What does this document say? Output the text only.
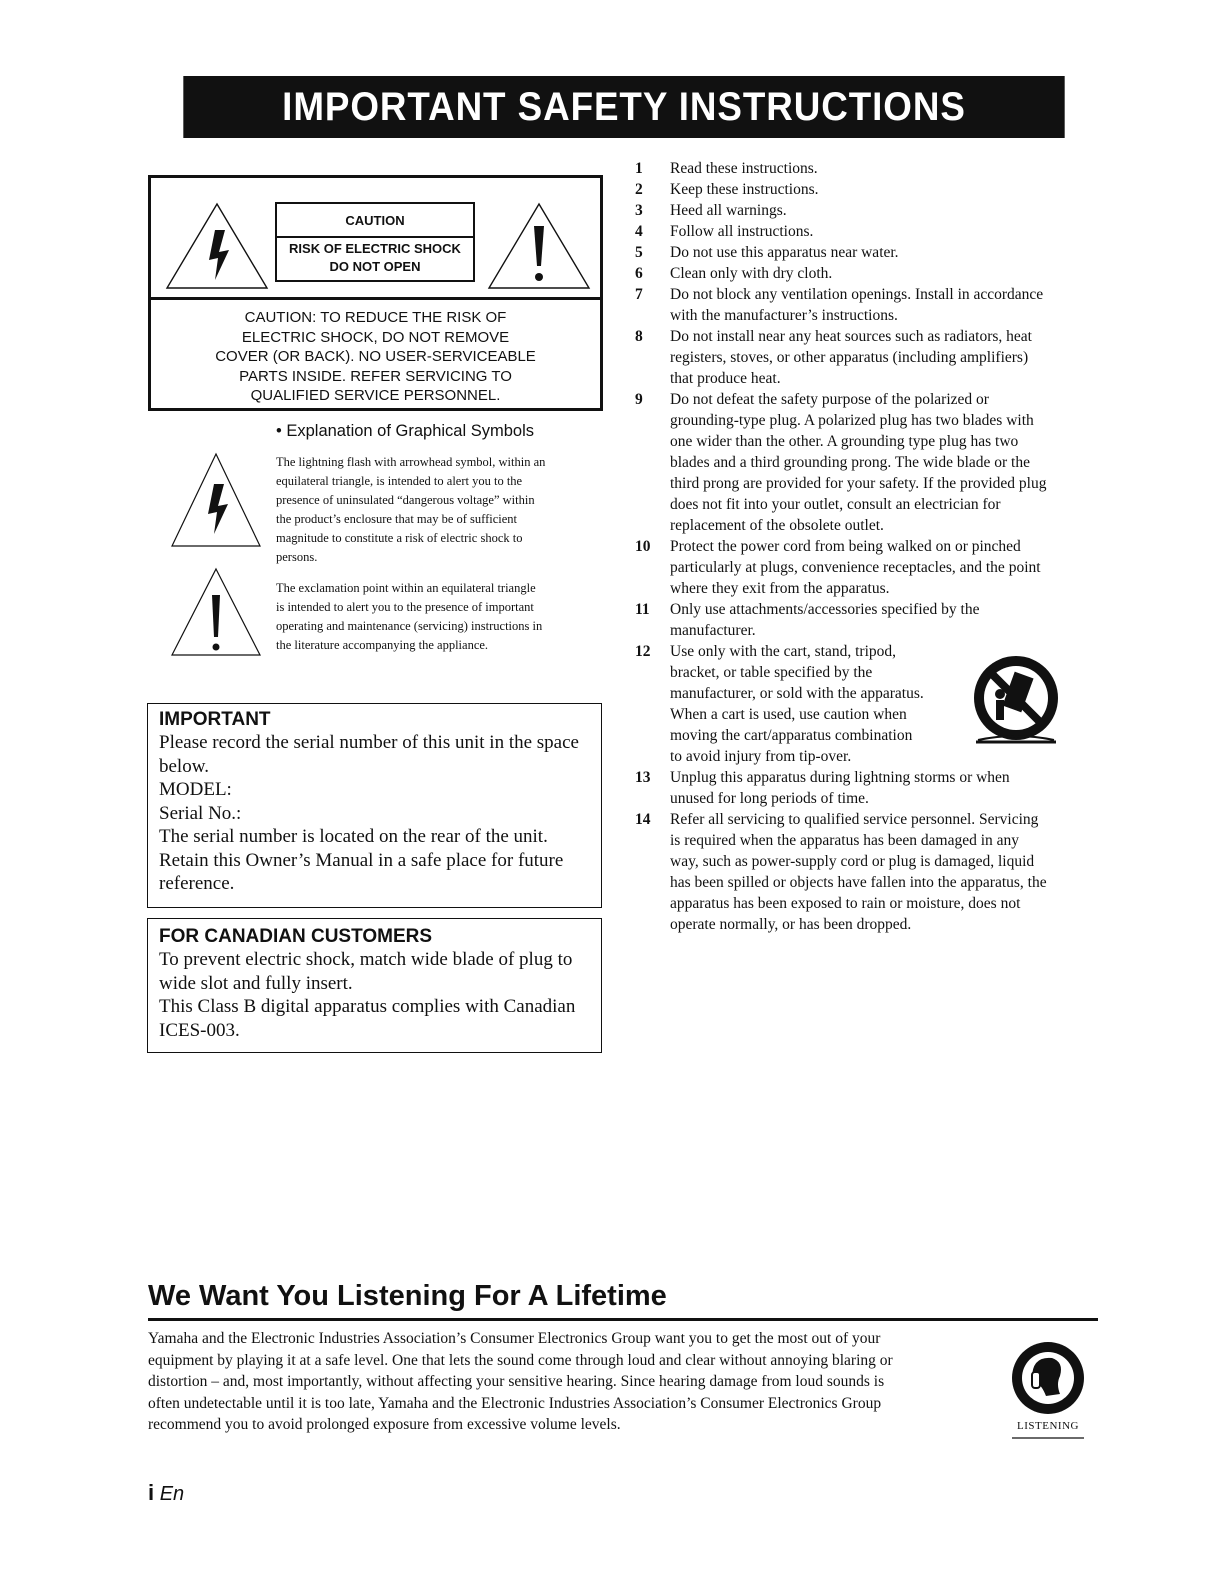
IMPORTANT SAFETY INSTRUCTIONS
CAUTION
RISK OF ELECTRIC SHOCK
DO NOT OPEN
CAUTION: TO REDUCE THE RISK OF
ELECTRIC SHOCK, DO NOT REMOVE
COVER (OR BACK). NO USER-SERVICEABLE
PARTS INSIDE. REFER SERVICING TO
QUALIFIED SERVICE PERSONNEL.
• Explanation of Graphical Symbols
The lightning flash with arrowhead symbol, within an
equilateral triangle, is intended to alert you to the
presence of uninsulated “dangerous voltage” within
the product’s enclosure that may be of sufficient
magnitude to constitute a risk of electric shock to
persons.
The exclamation point within an equilateral triangle
is intended to alert you to the presence of important
operating and maintenance (servicing) instructions in
the literature accompanying the appliance.
IMPORTANT
Please record the serial number of this unit in the space
below.
MODEL:
Serial No.:
The serial number is located on the rear of the unit.
Retain this Owner’s Manual in a safe place for future
reference.
FOR CANADIAN CUSTOMERS
To prevent electric shock, match wide blade of plug to
wide slot and fully insert.
This Class B digital apparatus complies with Canadian
ICES-003.
1	Read these instructions.
2	Keep these instructions.
3	Heed all warnings.
4	Follow all instructions.
5	Do not use this apparatus near water.
6	Clean only with dry cloth.
7	Do not block any ventilation openings. Install in accordance
with the manufacturer’s instructions.
8	Do not install near any heat sources such as radiators, heat
registers, stoves, or other apparatus (including amplifiers)
that produce heat.
9	Do not defeat the safety purpose of the polarized or
grounding-type plug. A polarized plug has two blades with
one wider than the other. A grounding type plug has two
blades and a third grounding prong. The wide blade or the
third prong are provided for your safety. If the provided plug
does not fit into your outlet, consult an electrician for
replacement of the obsolete outlet.
10	Protect the power cord from being walked on or pinched
particularly at plugs, convenience receptacles, and the point
where they exit from the apparatus.
11	Only use attachments/accessories specified by the
manufacturer.
12	Use only with the cart, stand, tripod,
bracket, or table specified by the
manufacturer, or sold with the apparatus.
When a cart is used, use caution when
moving the cart/apparatus combination
to avoid injury from tip-over.
13	Unplug this apparatus during lightning storms or when
unused for long periods of time.
14	Refer all servicing to qualified service personnel. Servicing
is required when the apparatus has been damaged in any
way, such as power-supply cord or plug is damaged, liquid
has been spilled or objects have fallen into the apparatus, the
apparatus has been exposed to rain or moisture, does not
operate normally, or has been dropped.
We Want You Listening For A Lifetime
Yamaha and the Electronic Industries Association’s Consumer Electronics Group want you to get the most out of your
equipment by playing it at a safe level. One that lets the sound come through loud and clear without annoying blaring or
distortion – and, most importantly, without affecting your sensitive hearing. Since hearing damage from loud sounds is
often undetectable until it is too late, Yamaha and the Electronic Industries Association’s Consumer Electronics Group
recommend you to avoid prolonged exposure from excessive volume levels.	LISTENING
i En
